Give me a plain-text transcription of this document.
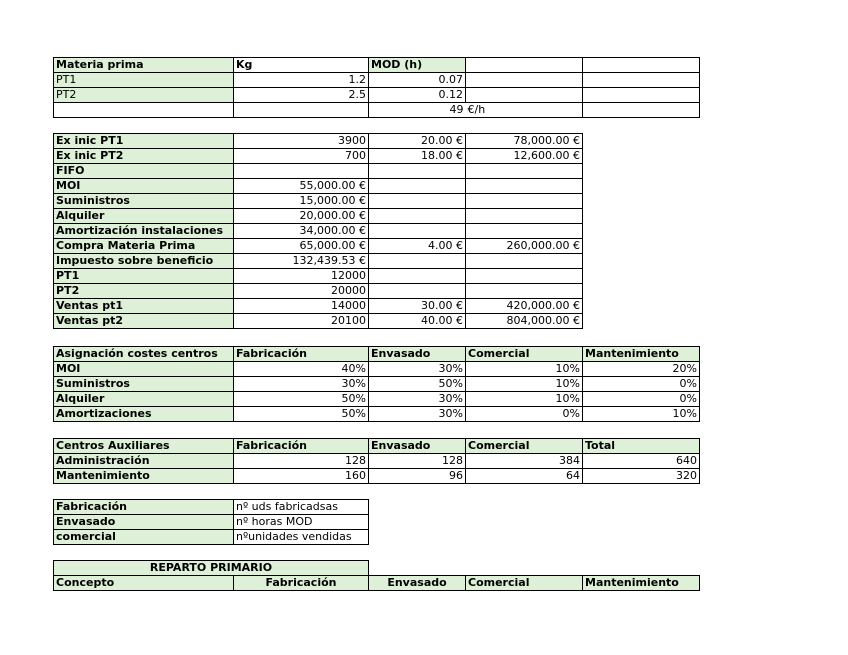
Materia prima	Kg	MOD (h)		
PT1	1.2	0.07		
PT2	2.5	0.12		
		49	€/h	
Ex inic PT1	3900	20.00 €	78,000.00 €
Ex inic PT2	700	18.00 €	12,600.00 €
FIFO			
MOI	55,000.00 €		
Suministros	15,000.00 €		
Alquiler	20,000.00 €		
Amortización instalaciones	34,000.00 €		
Compra Materia Prima	65,000.00 €	4.00 €	260,000.00 €
Impuesto sobre beneficio	132,439.53 €		
PT1	12000		
PT2	20000		
Ventas pt1	14000	30.00 €	420,000.00 €
Ventas pt2	20100	40.00 €	804,000.00 €
Asignación costes centros	Fabricación	Envasado	Comercial	Mantenimiento
MOI	40%	30%	10%	20%
Suministros	30%	50%	10%	0%
Alquiler	50%	30%	10%	0%
Amortizaciones	50%	30%	0%	10%
Centros Auxiliares	Fabricación	Envasado	Comercial	Total
Administración	128	128	384	640
Mantenimiento	160	96	64	320
Fabricación	nº uds fabricadsas
Envasado	nº horas MOD
comercial	nºunidades vendidas
REPARTO PRIMARIO				
Concepto	Fabricación	Envasado	Comercial	Mantenimiento
